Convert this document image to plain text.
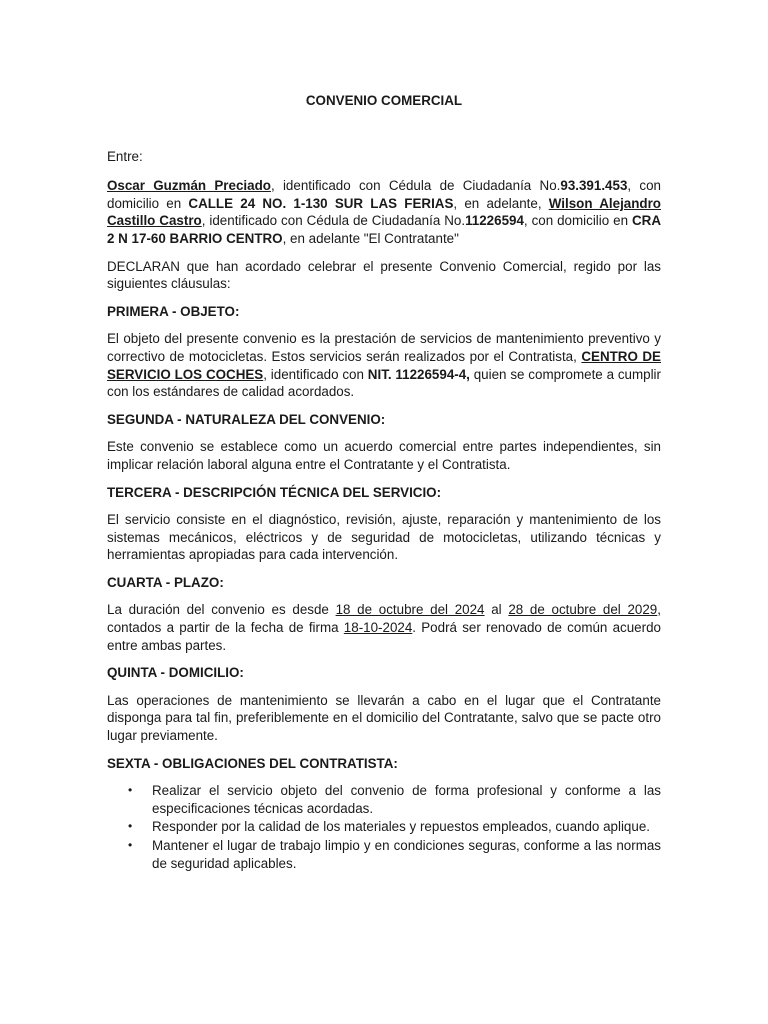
CONVENIO COMERCIAL

Entre:

Oscar Guzmán Preciado, identificado con Cédula de Ciudadanía No.93.391.453, con domicilio en CALLE 24 NO. 1-130 SUR LAS FERIAS, en adelante, Wilson Alejandro Castillo Castro, identificado con Cédula de Ciudadanía No.11226594, con domicilio en CRA 2 N 17-60 BARRIO CENTRO, en adelante "El Contratante"

DECLARAN que han acordado celebrar el presente Convenio Comercial, regido por las siguientes cláusulas:

PRIMERA - OBJETO:

El objeto del presente convenio es la prestación de servicios de mantenimiento preventivo y correctivo de motocicletas. Estos servicios serán realizados por el Contratista, CENTRO DE SERVICIO LOS COCHES, identificado con NIT. 11226594-4, quien se compromete a cumplir con los estándares de calidad acordados.

SEGUNDA - NATURALEZA DEL CONVENIO:

Este convenio se establece como un acuerdo comercial entre partes independientes, sin implicar relación laboral alguna entre el Contratante y el Contratista.

TERCERA - DESCRIPCIÓN TÉCNICA DEL SERVICIO:

El servicio consiste en el diagnóstico, revisión, ajuste, reparación y mantenimiento de los sistemas mecánicos, eléctricos y de seguridad de motocicletas, utilizando técnicas y herramientas apropiadas para cada intervención.

CUARTA - PLAZO:

La duración del convenio es desde 18 de octubre del 2024 al 28 de octubre del 2029, contados a partir de la fecha de firma 18-10-2024. Podrá ser renovado de común acuerdo entre ambas partes.

QUINTA - DOMICILIO:

Las operaciones de mantenimiento se llevarán a cabo en el lugar que el Contratante disponga para tal fin, preferiblemente en el domicilio del Contratante, salvo que se pacte otro lugar previamente.

SEXTA - OBLIGACIONES DEL CONTRATISTA:
• Realizar el servicio objeto del convenio de forma profesional y conforme a las especificaciones técnicas acordadas.
• Responder por la calidad de los materiales y repuestos empleados, cuando aplique.
• Mantener el lugar de trabajo limpio y en condiciones seguras, conforme a las normas de seguridad aplicables.
